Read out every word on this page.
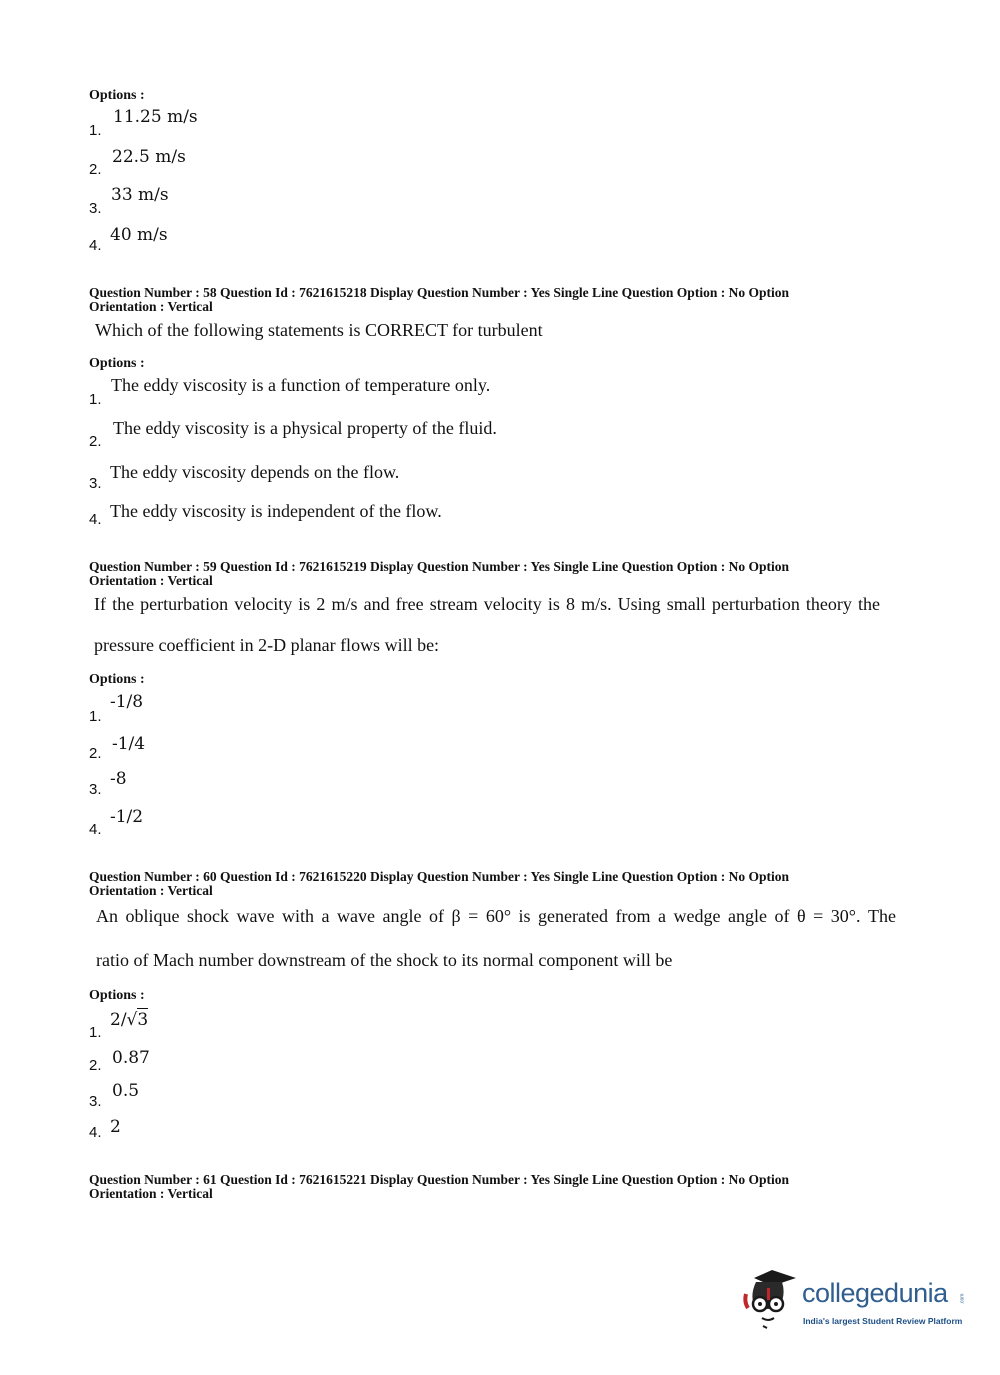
Options :
1.
11.25 m/s
2.
22.5 m/s
3.
33 m/s
4.
40 m/s
Question Number : 58 Question Id : 7621615218 Display Question Number : Yes Single Line Question Option : No Option
Orientation : Vertical
Which of the following statements is CORRECT for turbulent
Options :
1.
The eddy viscosity is a function of temperature only.
2.
The eddy viscosity is a physical property of the fluid.
3.
The eddy viscosity depends on the flow.
4. The eddy viscosity is independent of the flow.
Question Number : 59 Question Id : 7621615219 Display Question Number : Yes Single Line Question Option : No Option
Orientation : Vertical
If the perturbation velocity is 2 m/s and free stream velocity is 8 m/s. Using small perturbation theory the
pressure coefficient in 2-D planar flows will be:
Options :
1.
-1/8
2. -1/4
3.
-8
4.
-1/2
Question Number : 60 Question Id : 7621615220 Display Question Number : Yes Single Line Question Option : No Option
Orientation : Vertical
An oblique shock wave with a wave angle of β = 60° is generated from a wedge angle of θ = 30°. The
ratio of Mach number downstream of the shock to its normal component will be
Options :
1.
2/√3
2. 0.87
3.
0.5
4. 2
Question Number : 61 Question Id : 7621615221 Display Question Number : Yes Single Line Question Option : No Option
Orientation : Vertical
collegedunia .com
India's largest Student Review Platform
